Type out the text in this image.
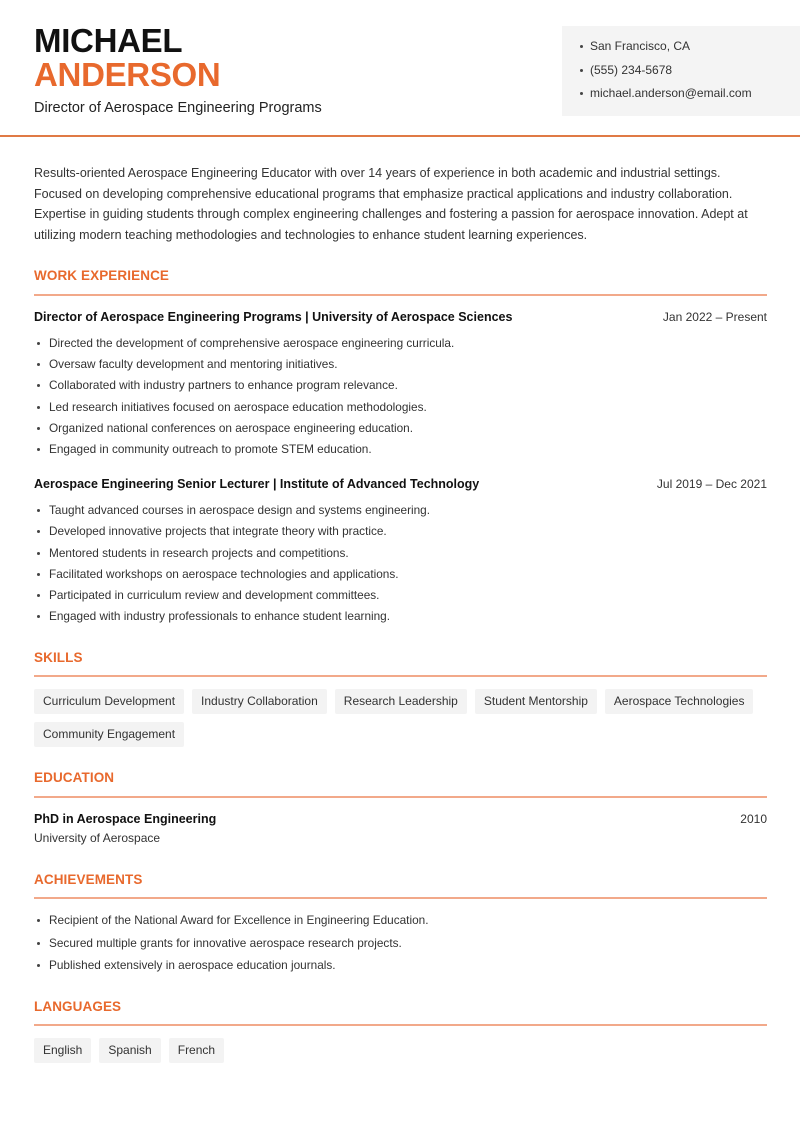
MICHAEL
ANDERSON
Director of Aerospace Engineering Programs
San Francisco, CA
(555) 234-5678
michael.anderson@email.com

Results-oriented Aerospace Engineering Educator with over 14 years of experience in both academic and industrial settings. Focused on developing comprehensive educational programs that emphasize practical applications and industry collaboration. Expertise in guiding students through complex engineering challenges and fostering a passion for aerospace innovation. Adept at utilizing modern teaching methodologies and technologies to enhance student learning experiences.

WORK EXPERIENCE
Director of Aerospace Engineering Programs | University of Aerospace Sciences	Jan 2022 – Present
Directed the development of comprehensive aerospace engineering curricula.
Oversaw faculty development and mentoring initiatives.
Collaborated with industry partners to enhance program relevance.
Led research initiatives focused on aerospace education methodologies.
Organized national conferences on aerospace engineering education.
Engaged in community outreach to promote STEM education.
Aerospace Engineering Senior Lecturer | Institute of Advanced Technology	Jul 2019 – Dec 2021
Taught advanced courses in aerospace design and systems engineering.
Developed innovative projects that integrate theory with practice.
Mentored students in research projects and competitions.
Facilitated workshops on aerospace technologies and applications.
Participated in curriculum review and development committees.
Engaged with industry professionals to enhance student learning.
SKILLS
Curriculum Development	Industry Collaboration	Research Leadership	Student Mentorship	Aerospace Technologies
Community Engagement
EDUCATION
PhD in Aerospace Engineering	2010
University of Aerospace
ACHIEVEMENTS
Recipient of the National Award for Excellence in Engineering Education.
Secured multiple grants for innovative aerospace research projects.
Published extensively in aerospace education journals.
LANGUAGES
English	Spanish	French
